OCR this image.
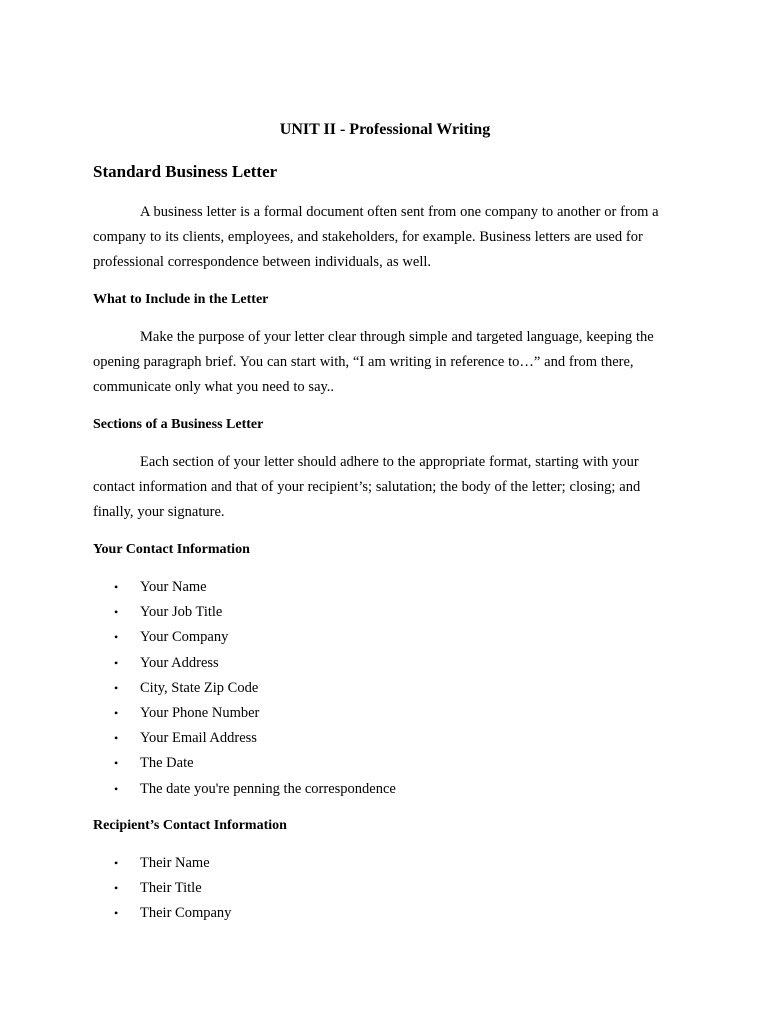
UNIT II - Professional Writing
Standard Business Letter

A business letter is a formal document often sent from one company to another or from a company to its clients, employees, and stakeholders, for example. Business letters are used for professional correspondence between individuals, as well.

What to Include in the Letter

Make the purpose of your letter clear through simple and targeted language, keeping the opening paragraph brief. You can start with, “I am writing in reference to…” and from there, communicate only what you need to say..

Sections of a Business Letter

Each section of your letter should adhere to the appropriate format, starting with your contact information and that of your recipient’s; salutation; the body of the letter; closing; and finally, your signature.

Your Contact Information
• Your Name
• Your Job Title
• Your Company
• Your Address
• City, State Zip Code
• Your Phone Number
• Your Email Address
• The Date
• The date you're penning the correspondence
Recipient’s Contact Information
• Their Name
• Their Title
• Their Company
